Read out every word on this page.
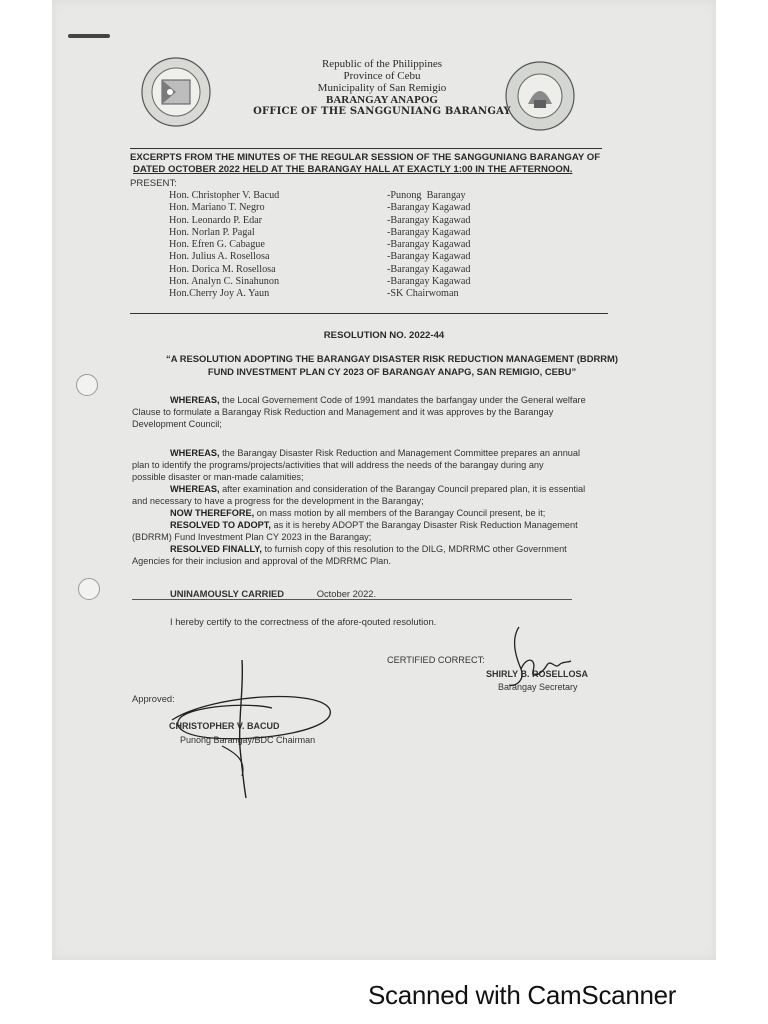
Republic of the Philippines
Province of Cebu
Municipality of San Remigio
BARANGAY ANAPOG
OFFICE OF THE SANGGUNIANG BARANGAY
EXCERPTS FROM THE MINUTES OF THE REGULAR SESSION OF THE SANGGUNIANG BARANGAY OF
DATED OCTOBER 2022 HELD AT THE BARANGAY HALL AT EXACTLY 1:00 IN THE AFTERNOON.
PRESENT:
Hon. Christopher V. Bacud
Hon. Mariano T. Negro
Hon. Leonardo P. Edar
Hon. Norlan P. Pagal
Hon. Efren G. Cabague
Hon. Julius A. Rosellosa
Hon. Dorica M. Rosellosa
Hon. Analyn C. Sinahunon
Hon.Cherry Joy A. Yaun
-Punong  Barangay
-Barangay Kagawad
-Barangay Kagawad
-Barangay Kagawad
-Barangay Kagawad
-Barangay Kagawad
-Barangay Kagawad
-Barangay Kagawad
-SK Chairwoman
RESOLUTION NO. 2022-44
“A RESOLUTION ADOPTING THE BARANGAY DISASTER RISK REDUCTION MANAGEMENT (BDRRM)
FUND INVESTMENT PLAN CY 2023 OF BARANGAY ANAPG, SAN REMIGIO, CEBU”
WHEREAS, the Local Governement Code of 1991 mandates the barfangay under the General welfare
Clause to formulate a Barangay Risk Reduction and Management and it was approves by the Barangay
Development Council;
WHEREAS, the Barangay Disaster Risk Reduction and Management Committee prepares an annual
plan to identify the programs/projects/activities that will address the needs of the barangay during any
possible disaster or man-made calamities;
WHEREAS, after examination and consideration of the Barangay Council prepared plan, it is essential
and necessary to have a progress for the development in the Barangay;
NOW THEREFORE, on mass motion by all members of the Barangay Council present, be it;
RESOLVED TO ADOPT, as it is hereby ADOPT the Barangay Disaster Risk Reduction Management
(BDRRM) Fund Investment Plan CY 2023 in the Barangay;
RESOLVED FINALLY, to furnish copy of this resolution to the DILG, MDRRMC other Government
Agencies for their inclusion and approval of the MDRRMC Plan.
UNINAMOUSLY CARRIED	October 2022.
I hereby certify to the correctness of the afore-qouted resolution.
CERTIFIED CORRECT:
SHIRLY B. ROSELLOSA
Barangay Secretary
Approved:
CHRISTOPHER V. BACUD
Punong Barangay/BDC Chairman
Scanned with CamScanner
